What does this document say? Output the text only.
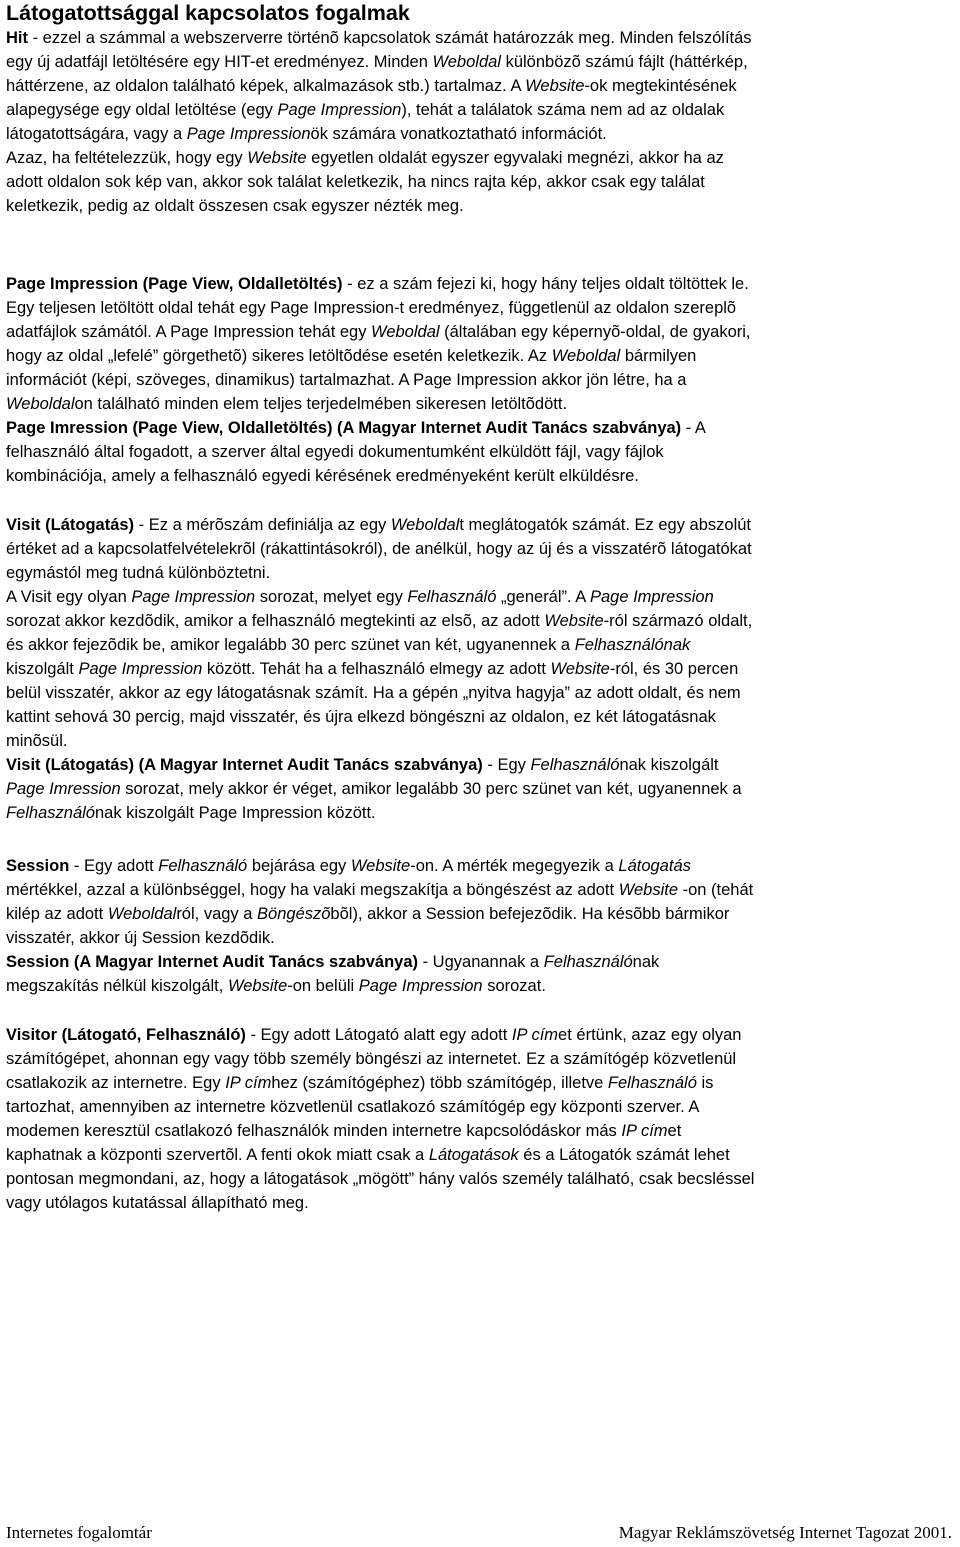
Látogatottsággal kapcsolatos fogalmak
Hit - ezzel a számmal a webszerverre történõ kapcsolatok számát határozzák meg. Minden felszólítás
egy új adatfájl letöltésére egy HIT-et eredményez. Minden Weboldal különbözõ számú fájlt (háttérkép,
háttérzene, az oldalon található képek, alkalmazások stb.) tartalmaz. A Website-ok megtekintésének
alapegysége egy oldal letöltése (egy Page Impression), tehát a találatok száma nem ad az oldalak
látogatottságára, vagy a Page Impressionök számára vonatkoztatható információt.
Azaz, ha feltételezzük, hogy egy Website egyetlen oldalát egyszer egyvalaki megnézi, akkor ha az
adott oldalon sok kép van, akkor sok találat keletkezik, ha nincs rajta kép, akkor csak egy találat
keletkezik, pedig az oldalt összesen csak egyszer nézték meg.
Page Impression (Page View, Oldalletöltés) - ez a szám fejezi ki, hogy hány teljes oldalt töltöttek le.
Egy teljesen letöltött oldal tehát egy Page Impression-t eredményez, függetlenül az oldalon szereplõ
adatfájlok számától. A Page Impression tehát egy Weboldal (általában egy képernyõ-oldal, de gyakori,
hogy az oldal „lefelé” görgethetõ) sikeres letöltõdése esetén keletkezik. Az Weboldal bármilyen
információt (képi, szöveges, dinamikus) tartalmazhat. A Page Impression akkor jön létre, ha a
Weboldalon található minden elem teljes terjedelmében sikeresen letöltõdött.
Page Imression (Page View, Oldalletöltés) (A Magyar Internet Audit Tanács szabványa) - A
felhasználó által fogadott, a szerver által egyedi dokumentumként elküldött fájl, vagy fájlok
kombinációja, amely a felhasználó egyedi kérésének eredményeként került elküldésre.
Visit (Látogatás) - Ez a mérõszám definiálja az egy Weboldalt meglátogatók számát. Ez egy abszolút
értéket ad a kapcsolatfelvételekrõl (rákattintásokról), de anélkül, hogy az új és a visszatérõ látogatókat
egymástól meg tudná különböztetni.
A Visit egy olyan Page Impression sorozat, melyet egy Felhasználó „generál”. A Page Impression
sorozat akkor kezdõdik, amikor a felhasználó megtekinti az elsõ, az adott Website-ról származó oldalt,
és akkor fejezõdik be, amikor legalább 30 perc szünet van két, ugyanennek a Felhasználónak
kiszolgált Page Impression között. Tehát ha a felhasználó elmegy az adott Website-ról, és 30 percen
belül visszatér, akkor az egy látogatásnak számít. Ha a gépén „nyitva hagyja” az adott oldalt, és nem
kattint sehová 30 percig, majd visszatér, és újra elkezd böngészni az oldalon, ez két látogatásnak
minõsül.
Visit (Látogatás) (A Magyar Internet Audit Tanács szabványa) - Egy Felhasználónak kiszolgált
Page Imression sorozat, mely akkor ér véget, amikor legalább 30 perc szünet van két, ugyanennek a
Felhasználónak kiszolgált Page Impression között.
Session - Egy adott Felhasználó bejárása egy Website-on. A mérték megegyezik a Látogatás
mértékkel, azzal a különbséggel, hogy ha valaki megszakítja a böngészést az adott Website -on (tehát
kilép az adott Weboldalról, vagy a Böngészõbõl), akkor a Session befejezõdik. Ha késõbb bármikor
visszatér, akkor új Session kezdõdik.
Session (A Magyar Internet Audit Tanács szabványa) - Ugyanannak a Felhasználónak
megszakítás nélkül kiszolgált, Website-on belüli Page Impression sorozat.
Visitor (Látogató, Felhasználó) - Egy adott Látogató alatt egy adott IP címet értünk, azaz egy olyan
számítógépet, ahonnan egy vagy több személy böngészi az internetet. Ez a számítógép közvetlenül
csatlakozik az internetre. Egy IP címhez (számítógéphez) több számítógép, illetve Felhasználó is
tartozhat, amennyiben az internetre közvetlenül csatlakozó számítógép egy központi szerver. A
modemen keresztül csatlakozó felhasználók minden internetre kapcsolódáskor más IP címet
kaphatnak a központi szervertõl. A fenti okok miatt csak a Látogatások és a Látogatók számát lehet
pontosan megmondani, az, hogy a látogatások „mögött” hány valós személy található, csak becsléssel
vagy utólagos kutatással állapítható meg.
Internetes fogalomtár	Magyar Reklámszövetség Internet Tagozat 2001.
